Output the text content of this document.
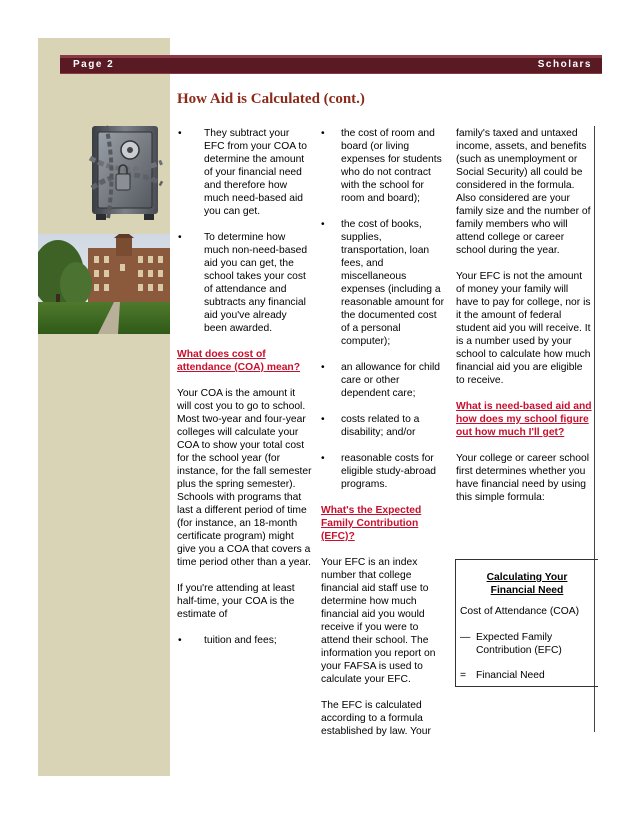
Page 2	Scholars
How Aid is Calculated (cont.)
• They subtract your EFC from your COA to determine the amount of your financial need and therefore how much need-based aid you can get.
• To determine how much non-need-based aid you can get, the school takes your cost of attendance and subtracts any financial aid you've already been awarded.
What does cost of attendance (COA) mean?

Your COA is the amount it will cost you to go to school. Most two-year and four-year colleges will calculate your COA to show your total cost for the school year (for instance, for the fall semester plus the spring semester). Schools with programs that last a different period of time (for instance, an 18-month certificate program) might give you a COA that covers a time period other than a year.

If you're attending at least half-time, your COA is the estimate of

• tuition and fees;
• the cost of room and board (or living expenses for students who do not contract with the school for room and board);
• the cost of books, supplies, transportation, loan fees, and miscellaneous expenses (including a reasonable amount for the documented cost of a personal computer);
• an allowance for child care or other dependent care;
• costs related to a disability; and/or
• reasonable costs for eligible study-abroad programs.
What's the Expected Family Contribution (EFC)?

Your EFC is an index number that college financial aid staff use to determine how much financial aid you would receive if you were to attend their school. The information you report on your FAFSA is used to calculate your EFC.

The EFC is calculated according to a formula established by law. Your

family's taxed and untaxed income, assets, and benefits (such as unemployment or Social Security) all could be considered in the formula. Also considered are your family size and the number of family members who will attend college or career school during the year.

Your EFC is not the amount of money your family will have to pay for college, nor is it the amount of federal student aid you will receive. It is a number used by your school to calculate how much financial aid you are eligible to receive.

What is need-based aid and how does my school figure out how much I'll get?

Your college or career school first determines whether you have financial need by using this simple formula:

Calculating Your Financial Need
Cost of Attendance (COA)
— Expected Family Contribution (EFC)
= Financial Need
